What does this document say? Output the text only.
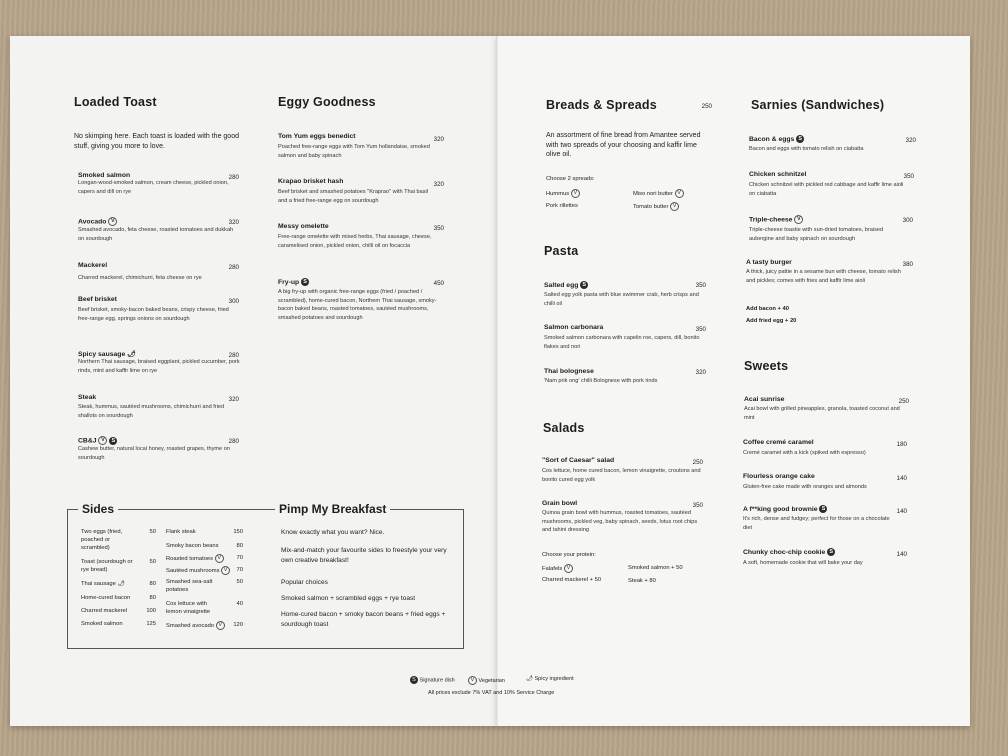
Loaded Toast
No skimping here. Each toast is loaded with the good stuff, giving you more to love.
Smoked salmon
Longan-wood-smoked salmon, cream cheese, pickled onion, capers and dill on rye
280
Avocado V
Smashed avocado, feta cheese, roasted tomatoes and dukkah on sourdough
320
Mackerel
Charred mackerel, chimichurri, feta cheese on rye
280
Beef brisket
Beef brisket, smoky-bacon baked beans, crispy cheese, fried free-range egg, springs onions on sourdough
300
Spicy sausage 🌶
Northern Thai sausage, braised eggplant, pickled cucumber, pork rinds, mint and kaffir lime on rye
280
Steak
Steak, hummus, sautéed mushrooms, chimichurri and fried shallots on sourdough
320
CB&J V S
Cashew butter, natural local honey, roasted grapes, thyme on sourdough
280
Eggy Goodness
Tom Yum eggs benedict
Poached free-range eggs with Tom Yum hollandaise, smoked salmon and baby spinach
320
Krapao brisket hash
Beef brisket and smashed potatoes "Kraprao" with Thai basil and a fried free-range egg on sourdough
320
Messy omelette
Free-range omelette with mixed herbs, Thai sausage, cheese, caramelised onion, pickled onion, chilli oil on focaccia
350
Fry-up S
A big fry-up with organic free-range eggs (fried / poached / scrambled), home-cured bacon, Northern Thai sausage, smoky-bacon baked beans, roasted tomatoes, sautéed mushrooms, smashed potatoes and sourdough
450
Sides	Pimp My Breakfast
Two eggs (fried, poached or scrambled)
50
Toast (sourdough or rye bread)
50
Thai sausage 🌶	80
Home-cured bacon	80
Charred mackerel	100
Smoked salmon	125
Flank steak	150
Smoky bacon beans	80
Roasted tomatoes V	70
Sautéed mushrooms V	70
Smashed sea-salt potatoes
50
Cos lettuce with lemon vinaigrette
40
Smashed avocado V	120
Know exactly what you want? Nice.
Mix-and-match your favourite sides to freestyle your very own creative breakfast!
Popular choices
Smoked salmon + scrambled eggs + rye toast
Home-cured bacon + smoky bacon beans + fried eggs + sourdough toast
Breads & Spreads	250
An assortment of fine bread from Amantee served with two spreads of your choosing and kaffir lime olive oil.
Choose 2 spreads:
Hummus V	Miso nori butter V
Pork rillettes	Tomato butter V
Pasta
Salted egg S
Salted egg yolk pasta with blue swimmer crab, herb crisps and chilli oil
350
Salmon carbonara
Smoked salmon carbonara with capelin roe, capers, dill, bonito flakes and nori
350
Thai bolognese
'Nam prik ong' chilli Bolognese with pork rinds
320
Salads
"Sort of Caesar" salad
Cos lettuce, home cured bacon, lemon vinaigrette, croutons and bonito cured egg yolk
250
Grain bowl
Quinoa grain bowl with hummus, roasted tomatoes, sautéed mushrooms, pickled veg, baby spinach, seeds, lotus root chips and tahini dressing
350
Choose your protein:
Falafels V	Smoked salmon + 50
Charred mackerel + 50	Steak + 80
Sarnies (Sandwiches)
Bacon & eggs S
Bacon and eggs with tomato relish on ciabatta
320
Chicken schnitzel
Chicken schnitzel with pickled red cabbage and kaffir lime aioli on ciabatta
350
Triple-cheese V
Triple-cheese toastie with sun-dried tomatoes, braised aubergine and baby spinach on sourdough
300
A tasty burger
A thick, juicy pattie in a sesame bun with cheese, tomato relish and pickles; comes with fries and kaffir lime aioli
380
Add bacon + 40
Add fried egg + 20
Sweets
Acai sunrise
Acai bowl with grilled pineapples, granola, toasted coconut and mint
250
Coffee cremé caramel
Cremé caramel with a kick (spiked with espresso)
180
Flourless orange cake
Gluten-free cake made with oranges and almonds
140
A f**king good brownie S
It's rich, dense and fudgey; perfect for those on a chocolate diet
140
Chunky choc-chip cookie S
A soft, homemade cookie that will bake your day
140
S Signature dish	V Vegetarian	🌶 Spicy ingredient
All prices exclude 7% VAT and 10% Service Charge
